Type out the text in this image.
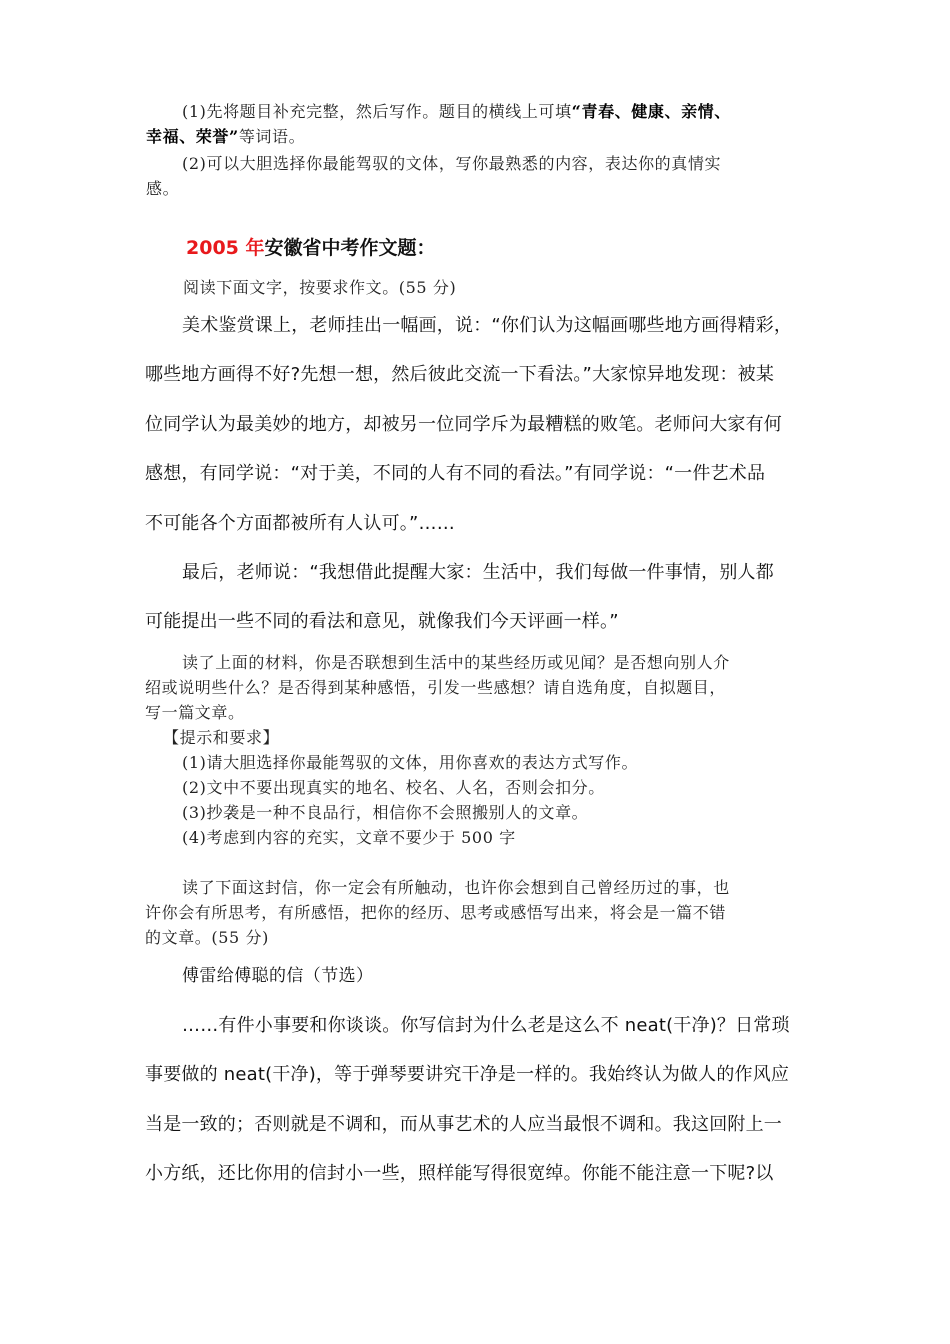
(1)先将题目补充完整，然后写作。题目的横线上可填“青春、健康、亲情、
幸福、荣誉”等词语。
(2)可以大胆选择你最能驾驭的文体，写你最熟悉的内容，表达你的真情实
感。
2005 年安徽省中考作文题：
阅读下面文字，按要求作文。(55 分)
美术鉴赏课上，老师挂出一幅画，说：“你们认为这幅画哪些地方画得精彩，
哪些地方画得不好?先想一想，然后彼此交流一下看法。”大家惊异地发现：被某
位同学认为最美妙的地方，却被另一位同学斥为最糟糕的败笔。老师问大家有何
感想，有同学说：“对于美，不同的人有不同的看法。”有同学说：“一件艺术品
不可能各个方面都被所有人认可。”……
最后，老师说：“我想借此提醒大家：生活中，我们每做一件事情，别人都
可能提出一些不同的看法和意见，就像我们今天评画一样。”
读了上面的材料，你是否联想到生活中的某些经历或见闻？是否想向别人介
绍或说明些什么？是否得到某种感悟，引发一些感想？请自选角度，自拟题目，
写一篇文章。
【提示和要求】
(1)请大胆选择你最能驾驭的文体，用你喜欢的表达方式写作。
(2)文中不要出现真实的地名、校名、人名，否则会扣分。
(3)抄袭是一种不良品行，相信你不会照搬别人的文章。
(4)考虑到内容的充实，文章不要少于 500 字
读了下面这封信，你一定会有所触动，也许你会想到自己曾经历过的事，也
许你会有所思考，有所感悟，把你的经历、思考或感悟写出来，将会是一篇不错
的文章。(55 分)
傅雷给傅聪的信（节选）
……有件小事要和你谈谈。你写信封为什么老是这么不 neat(干净)？日常琐
事要做的 neat(干净)，等于弹琴要讲究干净是一样的。我始终认为做人的作风应
当是一致的；否则就是不调和，而从事艺术的人应当最恨不调和。我这回附上一
小方纸，还比你用的信封小一些，照样能写得很宽绰。你能不能注意一下呢?以
